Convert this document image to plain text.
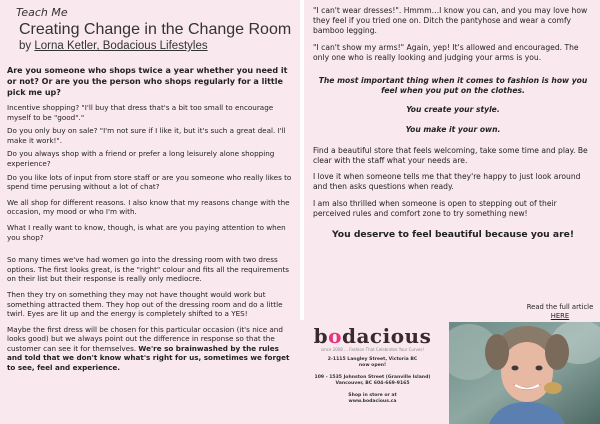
Teach Me
Creating Change in the Change Room
by Lorna Ketler, Bodacious Lifestyles

Are you someone who shops twice a year whether you need it or not? Or are you the person who shops regularly for a little pick me up?

Incentive shopping? "I'll buy that dress that's a bit too small to encourage myself to be "good"."

Do you only buy on sale? "I'm not sure if I like it, but it's such a great deal. I'll make it work!".

Do you always shop with a friend or prefer a long leisurely alone shopping experience?

Do you like lots of input from store staff or are you someone who really likes to spend time perusing without a lot of chat?

We all shop for different reasons. I also know that my reasons change with the occasion, my mood or who I'm with.

What I really want to know, though, is what are you paying attention to when you shop?

So many times we've had women go into the dressing room with two dress options. The first looks great, is the "right" colour and fits all the requirements on their list but their response is really only mediocre.

Then they try on something they may not have thought would work but something attracted them. They hop out of the dressing room and do a little twirl. Eyes are lit up and the energy is completely shifted to a YES!

Maybe the first dress will be chosen for this particular occasion (it's nice and looks good) but we always point out the difference in response so that the customer can see it for themselves. We're so brainwashed by the rules and told that we don't know what's right for us, sometimes we forget to see, feel and experience.

"I can't wear dresses!". Hmmm…I know you can, and you may love how they feel if you tried one on. Ditch the pantyhose and wear a comfy bamboo legging.

"I can't show my arms!" Again, yep! It's allowed and encouraged. The only one who is really looking and judging your arms is you.

The most important thing when it comes to fashion is how you feel when you put on the clothes.

You create your style.

You make it your own.

Find a beautiful store that feels welcoming, take some time and play. Be clear with the staff what your needs are.

I love it when someone tells me that they're happy to just look around and then asks questions when ready.

I am also thrilled when someone is open to stepping out of their perceived rules and comfort zone to try something new!

You deserve to feel beautiful because you are!

Read the full article HERE
bodacious
since 2008 … Fashion That Celebrates Your Curves!
2-1115 Langley Street, Victoria BC
now open!
109 - 1535 Johnston Street (Granville Island)
Vancouver, BC 604-669-9165
Shop in store or at
www.bodacious.ca
